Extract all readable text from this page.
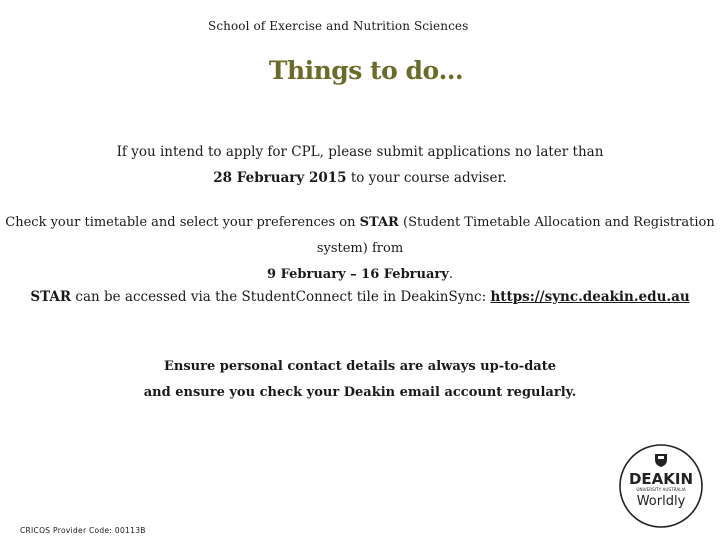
School of Exercise and Nutrition Sciences
Things to do…
If you intend to apply for CPL, please submit applications no later than
28 February 2015 to your course adviser.
Check your timetable and select your preferences on STAR (Student Timetable Allocation and Registration system) from
9 February – 16 February.
STAR can be accessed via the StudentConnect tile in DeakinSync: https://sync.deakin.edu.au
Ensure personal contact details are always up-to-date
and ensure you check your Deakin email account regularly.
CRICOS Provider Code: 00113B
DEAKIN
UNIVERSITY AUSTRALIA
Worldly
